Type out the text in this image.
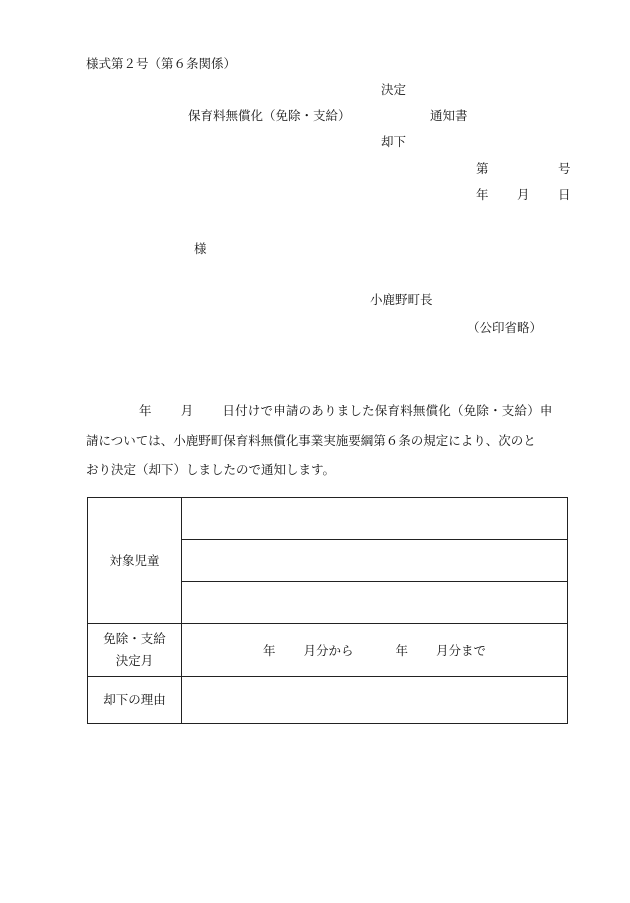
様式第２号（第６条関係）
決定
保育料無償化（免除・支給）	通知書
却下
第	号
年 月 日
様
小鹿野町長
（公印省略）
年 月 日付けで申請のありました保育料無償化（免除・支給）申
請については、小鹿野町保育料無償化事業実施要綱第６条の規定により、次のと
おり決定（却下）しましたので通知します。
対象児童	

免除・支給
決定月	年 月分から 年 月分まで
却下の理由	
